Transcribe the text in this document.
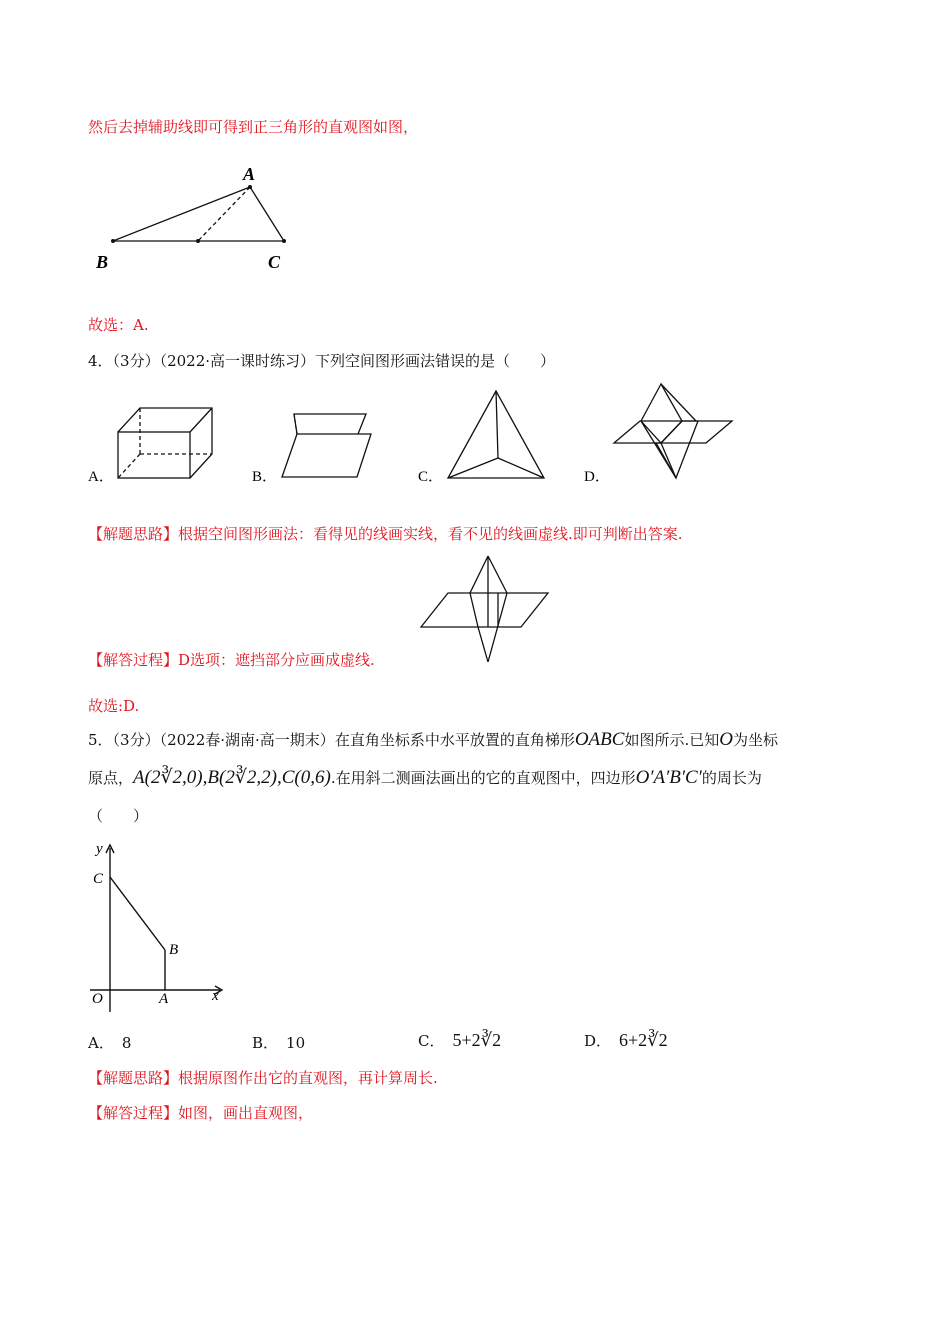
然后去掉辅助线即可得到正三角形的直观图如图，
A
B	C
故选：A.
4．（3分）（2022·高一课时练习）下列空间图形画法错误的是（　　）
A．	B．	C．	D．
【解题思路】根据空间图形画法：看得见的线画实线，看不见的线画虚线.即可判断出答案.
【解答过程】D选项：遮挡部分应画成虚线.
故选:D.
5．（3分）（2022春·湖南·高一期末）在直角坐标系中水平放置的直角梯形OABC如图所示.已知O为坐标
原点，A(2∛2,0),B(2∛2,2),C(0,6).在用斜二测画法画出的它的直观图中，四边形O′A′B′C′的周长为
（　　）
y
x
O	A
B
C
A． 8	B． 10	C． 5+2∛2	D． 6+2∛2
【解题思路】根据原图作出它的直观图，再计算周长.
【解答过程】如图，画出直观图，
